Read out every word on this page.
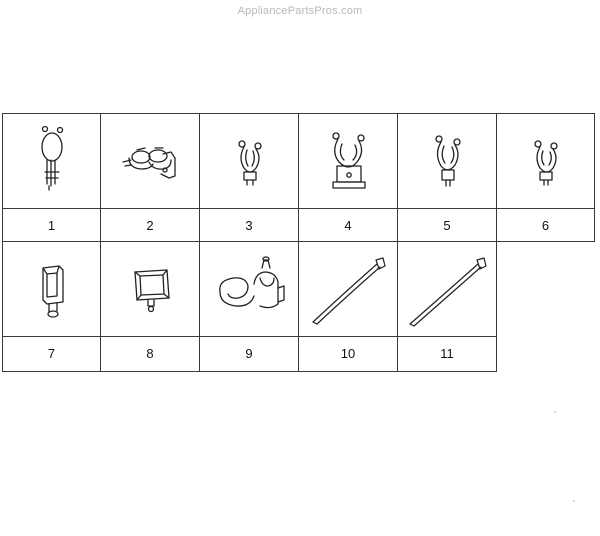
AppliancePartsPros.com
1	2	3	4	5	6
7	8	9	10	11
